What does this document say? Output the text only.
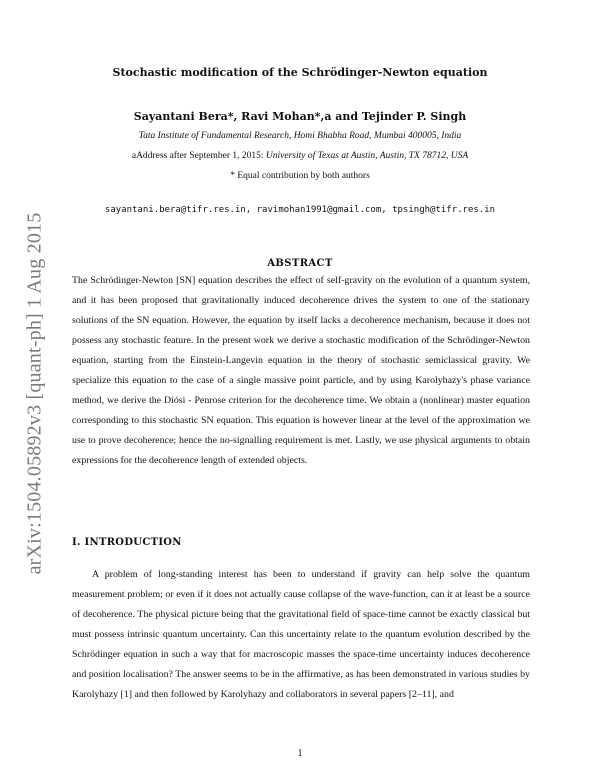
arXiv:1504.05892v3 [quant-ph] 1 Aug 2015
Stochastic modification of the Schrödinger-Newton equation
Sayantani Bera*, Ravi Mohan*,a and Tejinder P. Singh
Tata Institute of Fundamental Research, Homi Bhabha Road, Mumbai 400005, India
aAddress after September 1, 2015: University of Texas at Austin, Austin, TX 78712, USA
* Equal contribution by both authors
sayantani.bera@tifr.res.in, ravimohan1991@gmail.com, tpsingh@tifr.res.in
ABSTRACT
The Schrödinger-Newton [SN] equation describes the effect of self-gravity on the evolution of a quantum system, and it has been proposed that gravitationally induced decoherence drives the system to one of the stationary solutions of the SN equation. However, the equation by itself lacks a decoherence mechanism, because it does not possess any stochastic feature. In the present work we derive a stochastic modification of the Schrödinger-Newton equation, starting from the Einstein-Langevin equation in the theory of stochastic semiclassical gravity. We specialize this equation to the case of a single massive point particle, and by using Karolyhazy's phase variance method, we derive the Diósi - Penrose criterion for the decoherence time. We obtain a (nonlinear) master equation corresponding to this stochastic SN equation. This equation is however linear at the level of the approximation we use to prove decoherence; hence the no-signalling requirement is met. Lastly, we use physical arguments to obtain expressions for the decoherence length of extended objects.
I. INTRODUCTION
A problem of long-standing interest has been to understand if gravity can help solve the quantum measurement problem; or even if it does not actually cause collapse of the wave-function, can it at least be a source of decoherence. The physical picture being that the gravitational field of space-time cannot be exactly classical but must possess intrinsic quantum uncertainty. Can this uncertainty relate to the quantum evolution described by the Schrödinger equation in such a way that for macroscopic masses the space-time uncertainty induces decoherence and position localisation? The answer seems to be in the affirmative, as has been demonstrated in various studies by Karolyhazy [1] and then followed by Karolyhazy and collaborators in several papers [2–11], and
1
